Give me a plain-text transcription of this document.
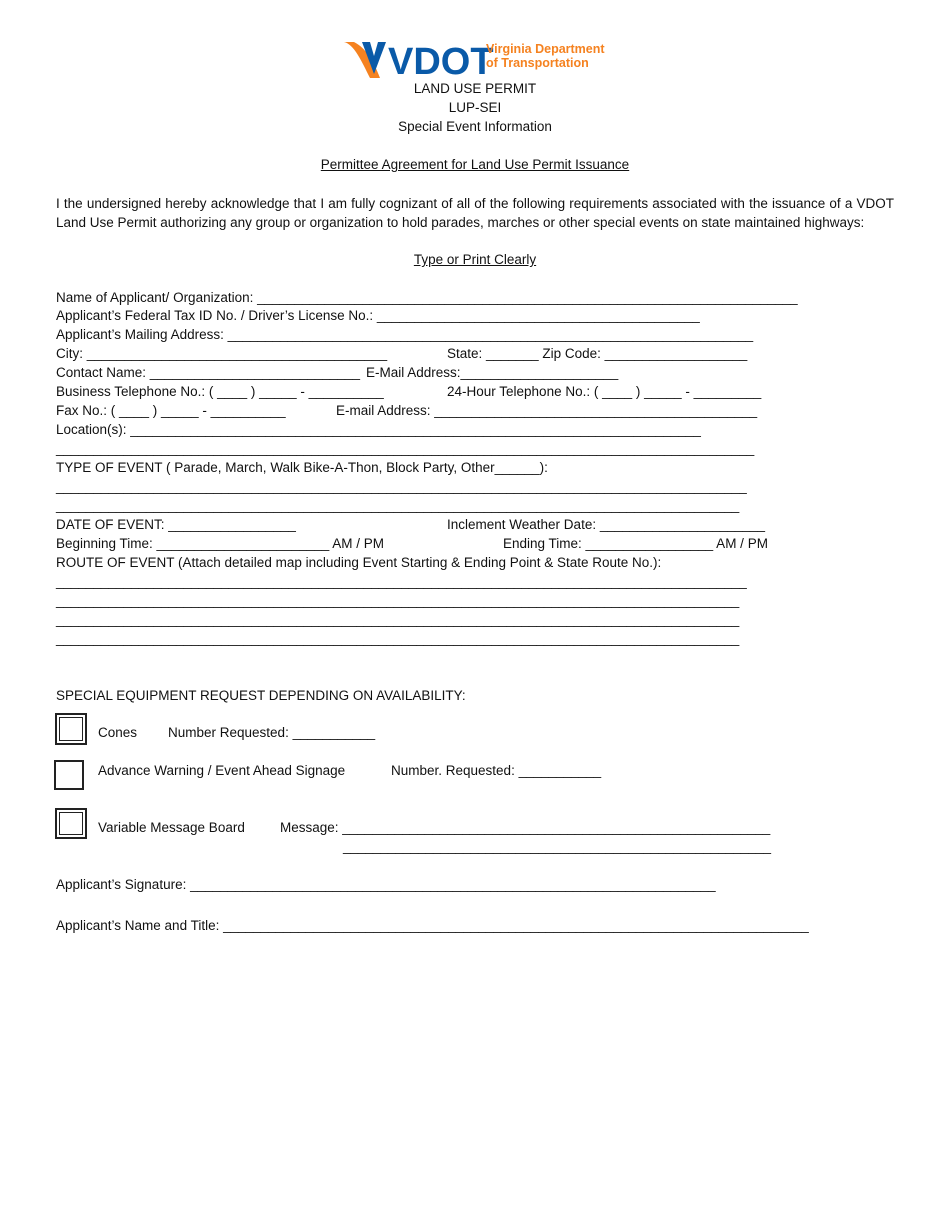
VDOT
Virginia Department
of Transportation
LAND USE PERMIT
LUP-SEI
Special Event Information
Permittee Agreement for Land Use Permit Issuance
I the undersigned hereby acknowledge that I am fully cognizant of all of the following requirements associated with the issuance of a VDOT Land Use Permit authorizing any group or organization to hold parades, marches or other special events on state maintained highways:
Type or Print Clearly
Name of Applicant/ Organization: ________________________________________________________________________
Applicant’s Federal Tax ID No. / Driver’s License No.: ___________________________________________
Applicant’s Mailing Address: ______________________________________________________________________
City: ________________________________________	State: _______ Zip Code: ___________________
Contact Name: ____________________________ E-Mail Address:_____________________
Business Telephone No.: ( ____ ) _____ - __________	24-Hour Telephone No.: ( ____ ) _____ - _________
Fax No.: ( ____ ) _____ - __________	E-mail Address: ___________________________________________
Location(s): ____________________________________________________________________________
_____________________________________________________________________________________________
TYPE OF EVENT ( Parade, March, Walk Bike-A-Thon, Block Party, Other______):
____________________________________________________________________________________________
___________________________________________________________________________________________
DATE OF EVENT: _________________	Inclement Weather Date: ______________________
Beginning Time: _______________________ AM / PM	Ending Time: _________________ AM / PM
ROUTE OF EVENT (Attach detailed map including Event Starting & Ending Point & State Route No.):
____________________________________________________________________________________________
___________________________________________________________________________________________
___________________________________________________________________________________________
___________________________________________________________________________________________
SPECIAL EQUIPMENT REQUEST DEPENDING ON AVAILABILITY:
Cones Number Requested: ___________
Advance Warning / Event Ahead Signage	Number. Requested: ___________
Variable Message Board	Message: _________________________________________________________
_________________________________________________________
Applicant’s Signature: ______________________________________________________________________
Applicant’s Name and Title: ______________________________________________________________________________
